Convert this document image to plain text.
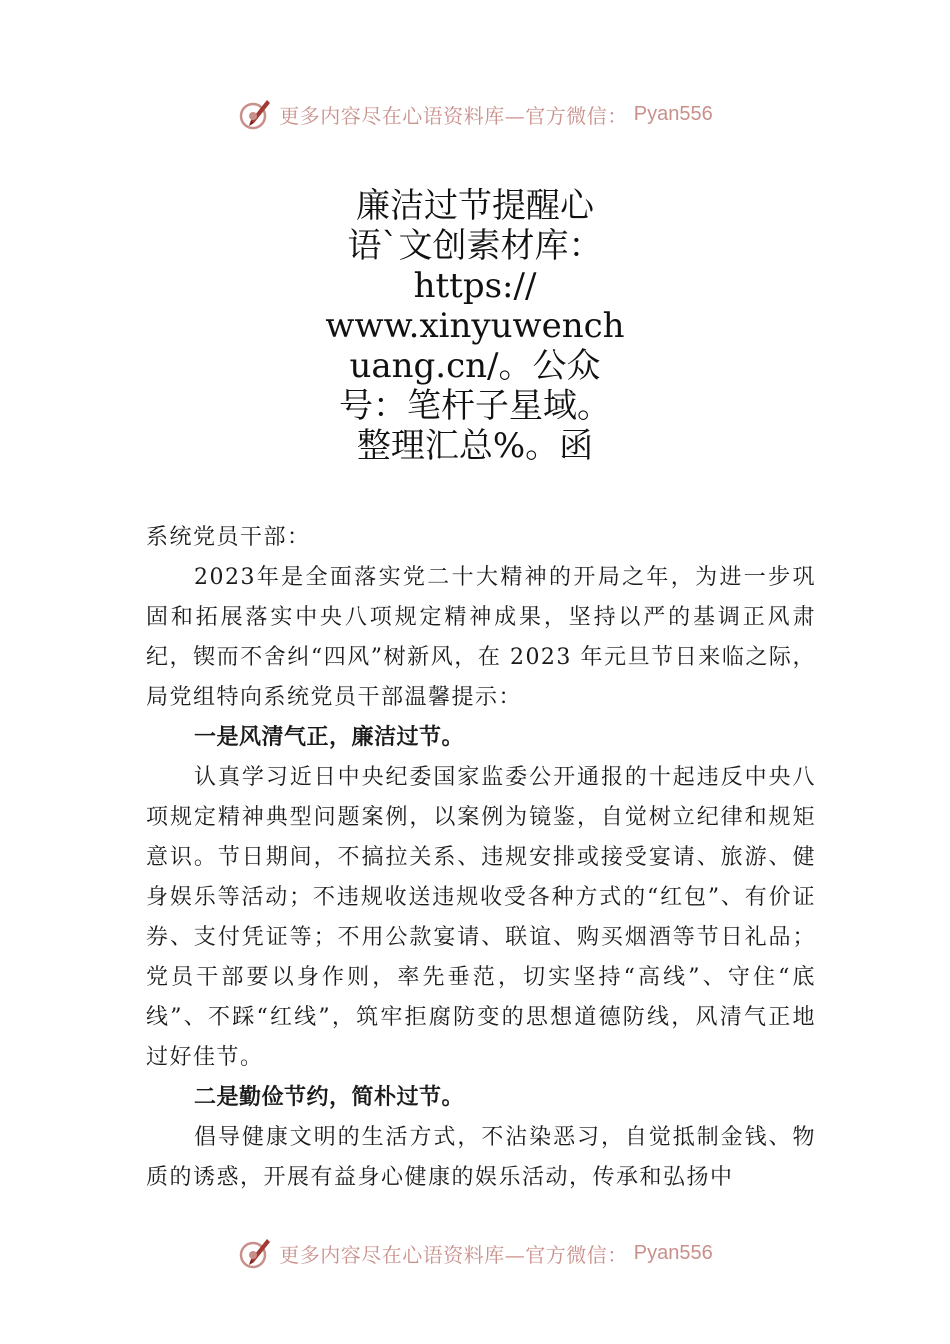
更多内容尽在心语资料库—官方微信： Pyan556
廉洁过节提醒心
语`文创素材库：
https://
www.xinyuwench
uang.cn/。公众
号：笔杆子星域。
整理汇总%。函

系统党员干部：

2023年是全面落实党二十大精神的开局之年，为进一步巩固和拓展落实中央八项规定精神成果，坚持以严的基调正风肃纪，锲而不舍纠“四风”树新风，在 2023 年元旦节日来临之际，局党组特向系统党员干部温馨提示：

一是风清气正，廉洁过节。

认真学习近日中央纪委国家监委公开通报的十起违反中央八项规定精神典型问题案例，以案例为镜鉴，自觉树立纪律和规矩意识。节日期间，不搞拉关系、违规安排或接受宴请、旅游、健身娱乐等活动；不违规收送违规收受各种方式的“红包”、有价证券、支付凭证等；不用公款宴请、联谊、购买烟酒等节日礼品；党员干部要以身作则，率先垂范，切实坚持“高线”、守住“底线”、不踩“红线”，筑牢拒腐防变的思想道德防线，风清气正地过好佳节。

二是勤俭节约，简朴过节。

倡导健康文明的生活方式，不沾染恶习，自觉抵制金钱、物质的诱惑，开展有益身心健康的娱乐活动，传承和弘扬中

更多内容尽在心语资料库—官方微信： Pyan556
